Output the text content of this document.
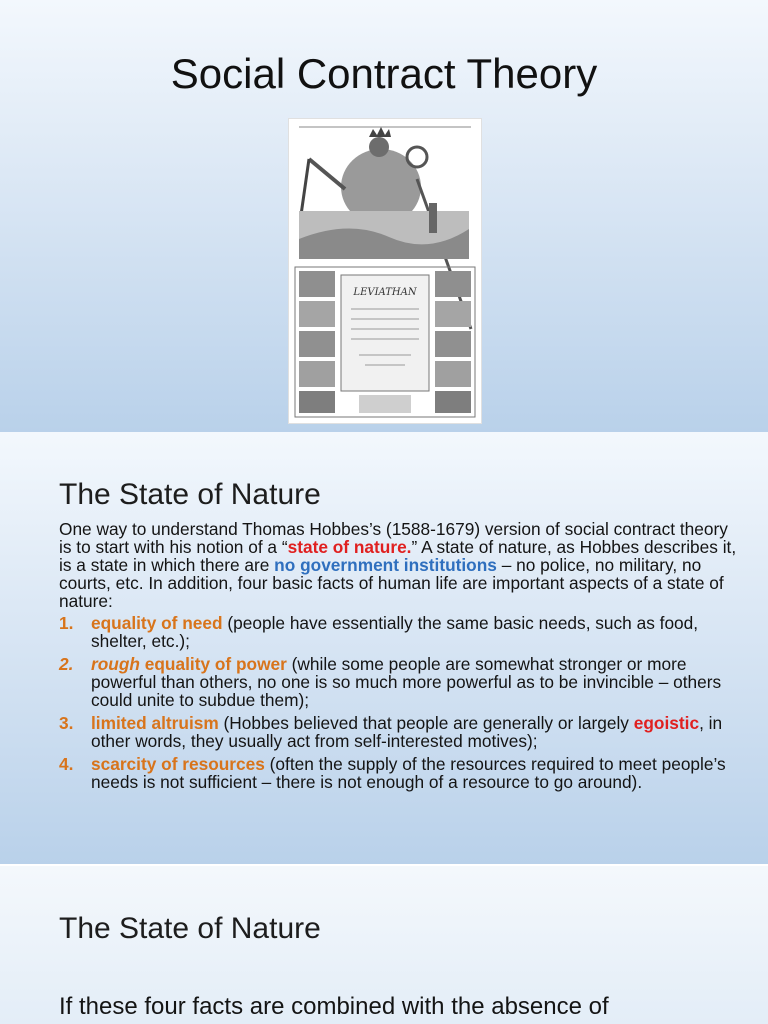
Social Contract Theory
LEVIATHAN
The State of Nature
One way to understand Thomas Hobbes’s (1588-1679) version of social contract theory is to start with his notion of a “state of nature.” A state of nature, as Hobbes describes it, is a state in which there are no government institutions – no police, no military, no courts, etc. In addition, four basic facts of human life are important aspects of a state of nature:
1. equality of need (people have essentially the same basic needs, such as food, shelter, etc.);
2. rough equality of power (while some people are somewhat stronger or more powerful than others, no one is so much more powerful as to be invincible – others could unite to subdue them);
3. limited altruism (Hobbes believed that people are generally or largely egoistic, in other words, they usually act from self-interested motives);
4. scarcity of resources (often the supply of the resources required to meet people’s needs is not sufficient – there is not enough of a resource to go around).
The State of Nature
If these four facts are combined with the absence of
